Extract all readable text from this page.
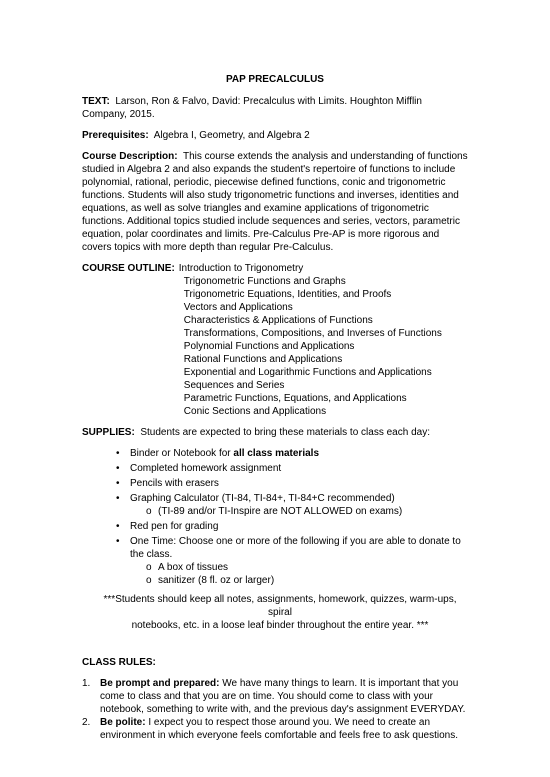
PAP PRECALCULUS

TEXT: Larson, Ron & Falvo, David: Precalculus with Limits. Houghton Mifflin Company, 2015.

Prerequisites: Algebra I, Geometry, and Algebra 2

Course Description: This course extends the analysis and understanding of functions studied in Algebra 2 and also expands the student's repertoire of functions to include polynomial, rational, periodic, piecewise defined functions, conic and trigonometric functions. Students will also study trigonometric functions and inverses, identities and equations, as well as solve triangles and examine applications of trigonometric functions. Additional topics studied include sequences and series, vectors, parametric equation, polar coordinates and limits. Pre-Calculus Pre-AP is more rigorous and covers topics with more depth than regular Pre-Calculus.

COURSE OUTLINE: Introduction to Trigonometry
Trigonometric Functions and Graphs
Trigonometric Equations, Identities, and Proofs
Vectors and Applications
Characteristics & Applications of Functions
Transformations, Compositions, and Inverses of Functions
Polynomial Functions and Applications
Rational Functions and Applications
Exponential and Logarithmic Functions and Applications
Sequences and Series
Parametric Functions, Equations, and Applications
Conic Sections and Applications

SUPPLIES: Students are expected to bring these materials to class each day:

• Binder or Notebook for all class materials
• Completed homework assignment
• Pencils with erasers
• Graphing Calculator (TI-84, TI-84+, TI-84+C recommended)
o (TI-89 and/or TI-Inspire are NOT ALLOWED on exams)
• Red pen for grading
• One Time: Choose one or more of the following if you are able to donate to the class.
o A box of tissues
o sanitizer (8 fl. oz or larger)
***Students should keep all notes, assignments, homework, quizzes, warm-ups, spiral
notebooks, etc. in a loose leaf binder throughout the entire year. ***
CLASS RULES:
1. Be prompt and prepared: We have many things to learn. It is important that you come to class and that you are on time. You should come to class with your notebook, something to write with, and the previous day's assignment EVERYDAY.
2. Be polite: I expect you to respect those around you. We need to create an environment in which everyone feels comfortable and feels free to ask questions.
